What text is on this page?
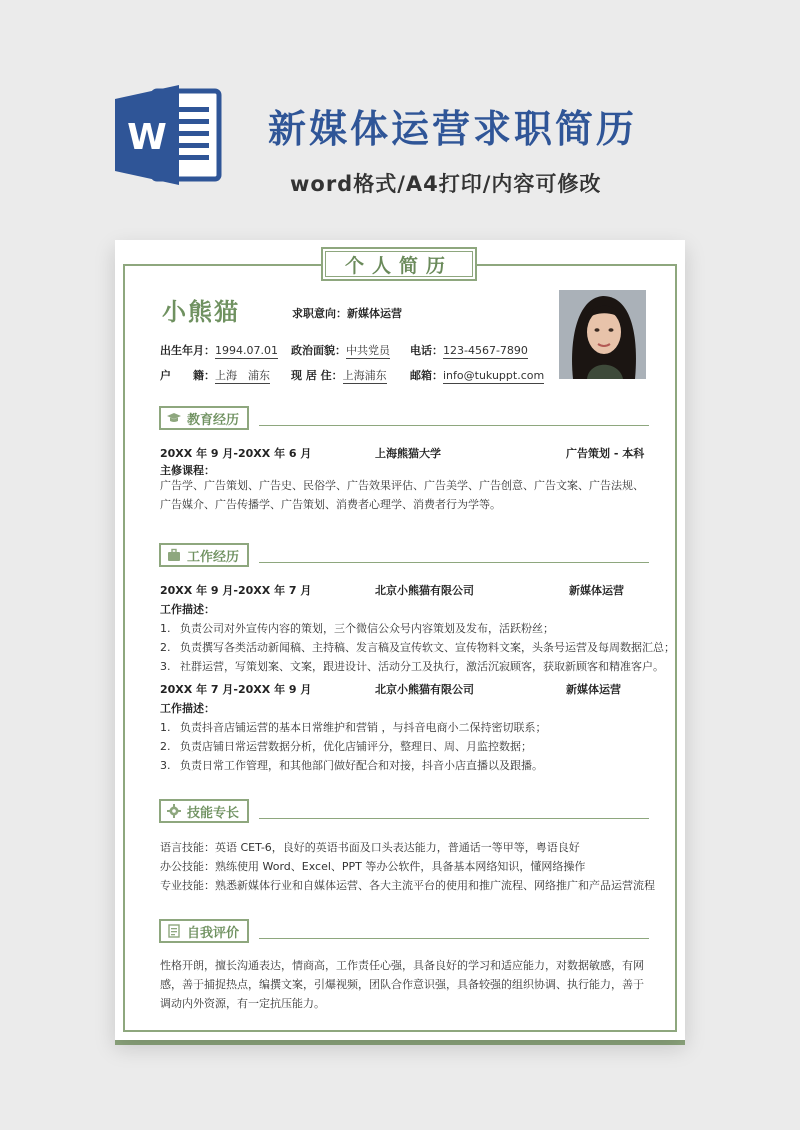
W	新媒体运营求职简历
word格式/A4打印/内容可修改
个人简历
小熊猫	求职意向：新媒体运营
出生年月：1994.07.01 政治面貌：中共党员 电话：123-4567-7890
户　　籍：上海　浦东 现 居 住：上海浦东 邮箱：info@tukuppt.com
教育经历
20XX 年 9 月-20XX 年 6 月	上海熊猫大学	广告策划 - 本科
主修课程：
广告学、广告策划、广告史、民俗学、广告效果评估、广告美学、广告创意、广告文案、广告法规、广告媒介、广告传播学、广告策划、消费者心理学、消费者行为学等。
工作经历
20XX 年 9 月-20XX 年 7 月	北京小熊猫有限公司	新媒体运营
工作描述：
1. 负责公司对外宣传内容的策划，三个微信公众号内容策划及发布，活跃粉丝；
2. 负责撰写各类活动新闻稿、主持稿、发言稿及宣传软文、宣传物料文案，头条号运营及每周数据汇总；
3. 社群运营，写策划案、文案，跟进设计、活动分工及执行，激活沉寂顾客，获取新顾客和精准客户。
20XX 年 7 月-20XX 年 9 月	北京小熊猫有限公司	新媒体运营
工作描述：
1. 负责抖音店铺运营的基本日常维护和营销 ，与抖音电商小二保持密切联系；
2. 负责店铺日常运营数据分析，优化店铺评分，整理日、周、月监控数据；
3. 负责日常工作管理，和其他部门做好配合和对接，抖音小店直播以及跟播。
技能专长
语言技能：英语 CET-6，良好的英语书面及口头表达能力，普通话一等甲等，粤语良好
办公技能：熟练使用 Word、Excel、PPT 等办公软件，具备基本网络知识，懂网络操作
专业技能：熟悉新媒体行业和自媒体运营、各大主流平台的使用和推广流程、网络推广和产品运营流程
自我评价
性格开朗，擅长沟通表达，情商高，工作责任心强，具备良好的学习和适应能力，对数据敏感，有网感，善于捕捉热点，编撰文案，引爆视频，团队合作意识强，具备较强的组织协调、执行能力，善于调动内外资源，有一定抗压能力。
